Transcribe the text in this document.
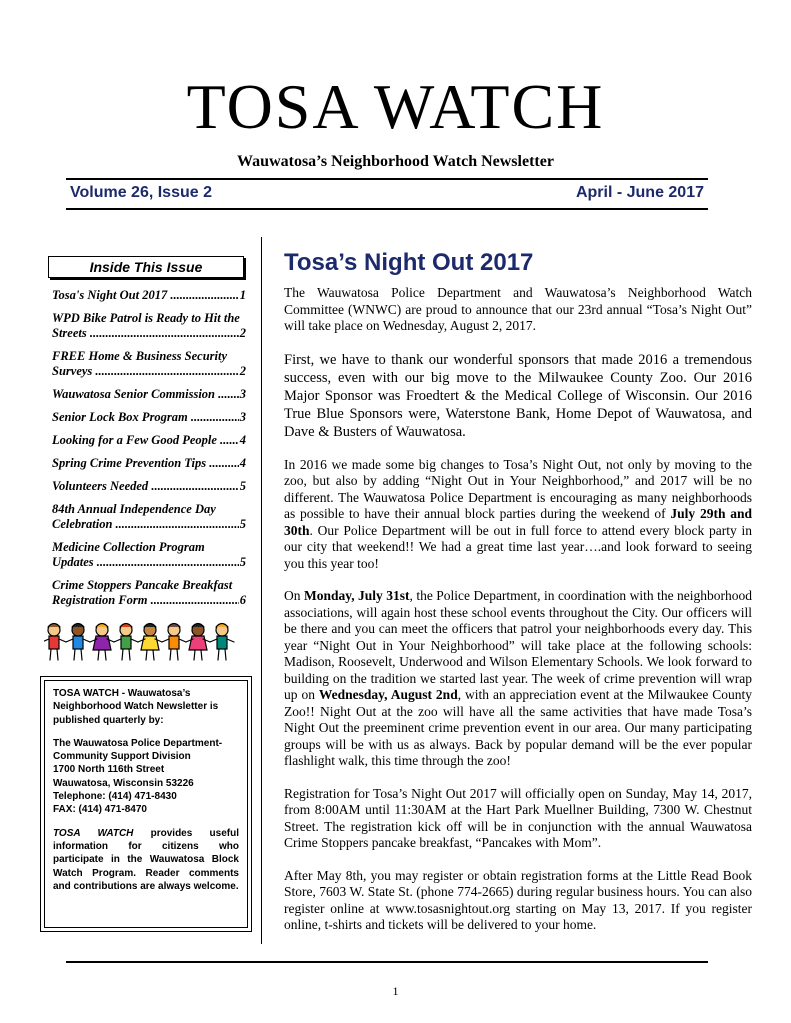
TOSA WATCH
Wauwatosa’s Neighborhood Watch Newsletter
Volume 26, Issue 2	April - June 2017
Inside This Issue
Tosa's Night Out 2017 .....	1
WPD Bike Patrol is Ready to Hit the
Streets .....	2
FREE Home & Business Security
Surveys .....	2
Wauwatosa Senior Commission .....	3
Senior Lock Box Program .....	3
Looking for a Few Good People .....	4
Spring Crime Prevention Tips .....	4
Volunteers Needed .....	5
84th Annual Independence Day
Celebration .....	5
Medicine Collection Program
Updates .....	5
Crime Stoppers Pancake Breakfast
Registration Form .....	6

TOSA WATCH - Wauwatosa’s Neighborhood Watch Newsletter is published quarterly by:

The Wauwatosa Police Department-
Community Support Division
1700 North 116th Street
Wauwatosa, Wisconsin 53226
Telephone: (414) 471-8430

FAX: (414) 471-8470

TOSA WATCH provides useful information for citizens who participate in the Wauwatosa Block Watch Program. Reader comments and contributions are always welcome.

Tosa’s Night Out 2017

The Wauwatosa Police Department and Wauwatosa’s Neighborhood Watch Committee (WNWC) are proud to announce that our 23rd annual “Tosa’s Night Out” will take place on Wednesday, August 2, 2017.

First, we have to thank our wonderful sponsors that made 2016 a tremendous success, even with our big move to the Milwaukee County Zoo. Our 2016 Major Sponsor was Froedtert & the Medical College of Wisconsin. Our 2016 True Blue Sponsors were, Waterstone Bank, Home Depot of Wauwatosa, and Dave & Busters of Wauwatosa.

In 2016 we made some big changes to Tosa’s Night Out, not only by moving to the zoo, but also by adding “Night Out in Your Neighborhood,” and 2017 will be no different. The Wauwatosa Police Department is encouraging as many neighborhoods as possible to have their annual block parties during the weekend of July 29th and 30th. Our Police Department will be out in full force to attend every block party in our city that weekend!! We had a great time last year….and look forward to seeing you this year too!

On Monday, July 31st, the Police Department, in coordination with the neighborhood associations, will again host these school events throughout the City. Our officers will be there and you can meet the officers that patrol your neighborhoods every day. This year “Night Out in Your Neighborhood” will take place at the following schools: Madison, Roosevelt, Underwood and Wilson Elementary Schools. We look forward to building on the tradition we started last year. The week of crime prevention will wrap up on Wednesday, August 2nd, with an appreciation event at the Milwaukee County Zoo!! Night Out at the zoo will have all the same activities that have made Tosa’s Night Out the preeminent crime prevention event in our area. Our many participating groups will be with us as always. Back by popular demand will be the ever popular flashlight walk, this time through the zoo!

Registration for Tosa’s Night Out 2017 will officially open on Sunday, May 14, 2017, from 8:00AM until 11:30AM at the Hart Park Muellner Building, 7300 W. Chestnut Street. The registration kick off will be in conjunction with the annual Wauwatosa Crime Stoppers pancake breakfast, “Pancakes with Mom”.

After May 8th, you may register or obtain registration forms at the Little Read Book Store, 7603 W. State St. (phone 774-2665) during regular business hours. You can also register online at www.tosasnightout.org starting on May 13, 2017. If you register online, t-shirts and tickets will be delivered to your home.

1
